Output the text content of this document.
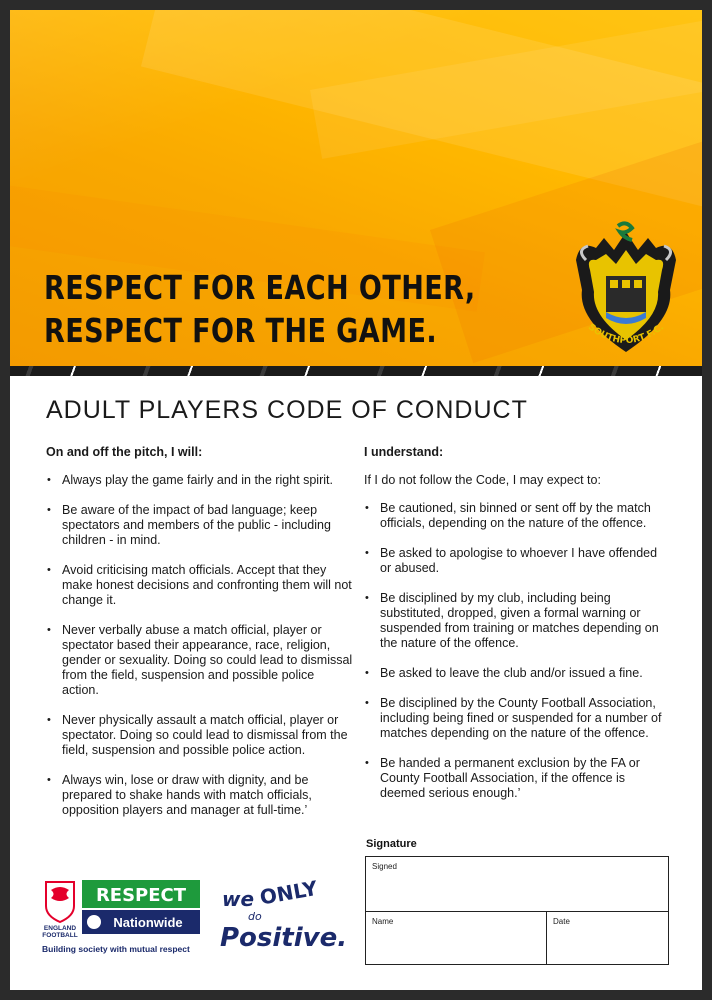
RESPECT FOR EACH OTHER,
RESPECT FOR THE GAME.	SOUTHPORT F.C.
ADULT PLAYERS CODE OF CONDUCT

On and off the pitch, I will:

• Always play the game fairly and in the right spirit.
• Be aware of the impact of bad language; keep spectators and members of the public - including children - in mind.
• Avoid criticising match officials. Accept that they make honest decisions and confronting them will not change it.
• Never verbally abuse a match official, player or spectator based their appearance, race, religion, gender or sexuality. Doing so could lead to dismissal from the field, suspension and possible police action.
• Never physically assault a match official, player or spectator. Doing so could lead to dismissal from the field, suspension and possible police action.
• Always win, lose or draw with dignity, and be prepared to shake hands with match officials, opposition players and manager at full-time.’

I understand:

If I do not follow the Code, I may expect to:

• Be cautioned, sin binned or sent off by the match officials, depending on the nature of the offence.
• Be asked to apologise to whoever I have offended or abused.
• Be disciplined by my club, including being substituted, dropped, given a formal warning or suspended from training or matches depending on the nature of the offence.
• Be asked to leave the club and/or issued a fine.
• Be disciplined by the County Football Association, including being fined or suspended for a number of matches depending on the nature of the offence.
• Be handed a permanent exclusion by the FA or County Football Association, if the offence is deemed serious enough.’
Signature
Signed
Name	Date
ENGLAND
FOOTBALL
RESPECT
Nationwide
Building society with mutual respect
we ONLY
do
Positive.
